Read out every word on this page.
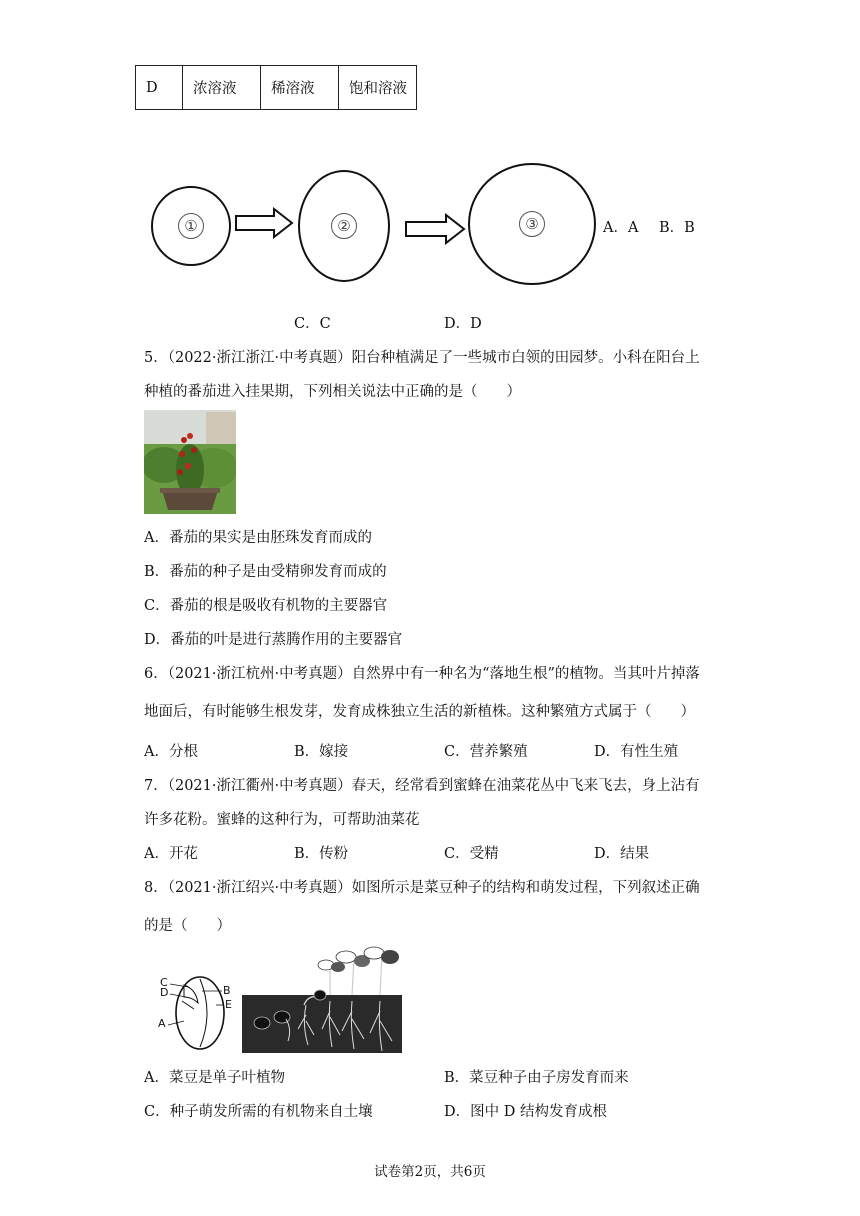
D	浓溶液	稀溶液	饱和溶液
①	②	③	A．A B．B
C．C	D．D
5．（2022·浙江浙江·中考真题）阳台种植满足了一些城市白领的田园梦。小科在阳台上
种植的番茄进入挂果期，下列相关说法中正确的是（　　）
A．番茄的果实是由胚珠发育而成的
B．番茄的种子是由受精卵发育而成的
C．番茄的根是吸收有机物的主要器官
D．番茄的叶是进行蒸腾作用的主要器官
6．（2021·浙江杭州·中考真题）自然界中有一种名为“落地生根”的植物。当其叶片掉落
地面后，有时能够生根发芽，发育成株独立生活的新植株。这种繁殖方式属于（　　）
A．分根	B．嫁接	C．营养繁殖	D．有性生殖
7．（2021·浙江衢州·中考真题）春天，经常看到蜜蜂在油菜花丛中飞来飞去，身上沾有
许多花粉。蜜蜂的这种行为，可帮助油菜花
A．开花	B．传粉	C．受精	D．结果
8．（2021·浙江绍兴·中考真题）如图所示是菜豆种子的结构和萌发过程，下列叙述正确
的是（　　）
C
D	B
E
A
A．菜豆是单子叶植物	B．菜豆种子由子房发育而来
C．种子萌发所需的有机物来自土壤	D．图中 D 结构发育成根
试卷第2页，共6页
